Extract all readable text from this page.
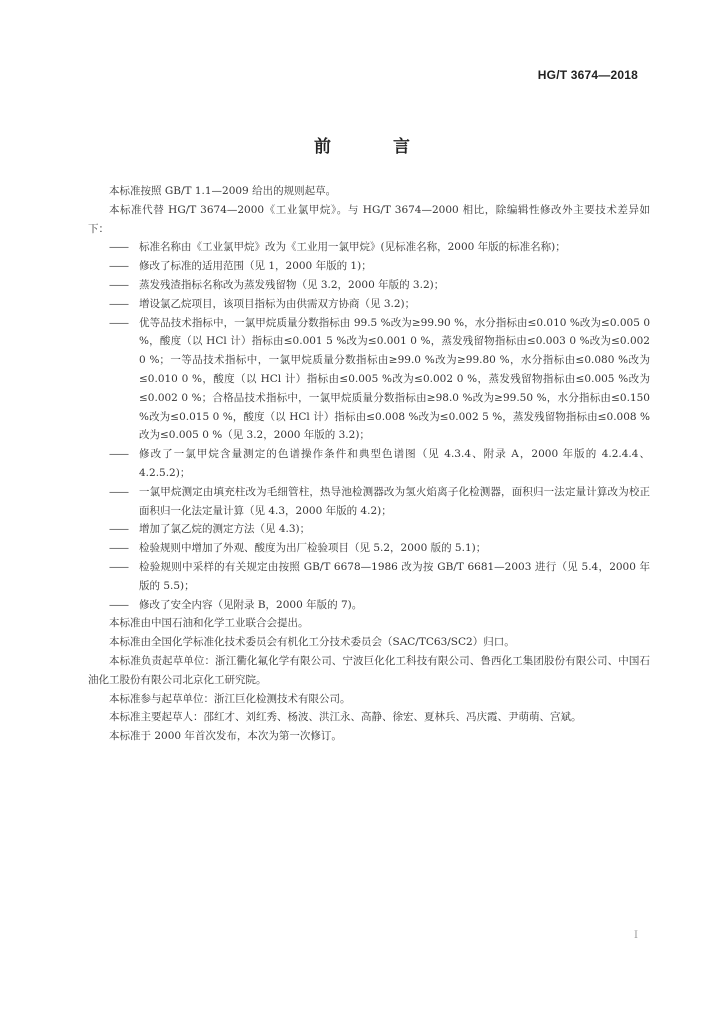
HG/T 3674—2018
前 言

本标准按照 GB/T 1.1—2009 给出的规则起草。

本标准代替 HG/T 3674—2000《工业氯甲烷》。与 HG/T 3674—2000 相比，除编辑性修改外主要技术差异如下：

—— 标准名称由《工业氯甲烷》改为《工业用一氯甲烷》(见标准名称，2000 年版的标准名称)；
—— 修改了标准的适用范围（见 1，2000 年版的 1)；
—— 蒸发残渣指标名称改为蒸发残留物（见 3.2，2000 年版的 3.2)；
—— 增设氯乙烷项目，该项目指标为由供需双方协商（见 3.2)；
—— 优等品技术指标中，一氯甲烷质量分数指标由 99.5 %改为≥99.90 %，水分指标由≤0.010 %改为≤0.005 0 %，酸度（以 HCl 计）指标由≤0.001 5 %改为≤0.001 0 %，蒸发残留物指标由≤0.003 0 %改为≤0.002 0 %；一等品技术指标中，一氯甲烷质量分数指标由≥99.0 %改为≥99.80 %，水分指标由≤0.080 %改为≤0.010 0 %，酸度（以 HCl 计）指标由≤0.005 %改为≤0.002 0 %，蒸发残留物指标由≤0.005 %改为≤0.002 0 %；合格品技术指标中，一氯甲烷质量分数指标由≥98.0 %改为≥99.50 %，水分指标由≤0.150 %改为≤0.015 0 %，酸度（以 HCl 计）指标由≤0.008 %改为≤0.002 5 %，蒸发残留物指标由≤0.008 %改为≤0.005 0 %（见 3.2，2000 年版的 3.2)；
—— 修改了一氯甲烷含量测定的色谱操作条件和典型色谱图（见 4.3.4、附录 A，2000 年版的 4.2.4.4、4.2.5.2)；
—— 一氯甲烷测定由填充柱改为毛细管柱，热导池检测器改为氢火焰离子化检测器，面积归一法定量计算改为校正面积归一化法定量计算（见 4.3，2000 年版的 4.2)；
—— 增加了氯乙烷的测定方法（见 4.3)；
—— 检验规则中增加了外观、酸度为出厂检验项目（见 5.2，2000 版的 5.1)；
—— 检验规则中采样的有关规定由按照 GB/T 6678—1986 改为按 GB/T 6681—2003 进行（见 5.4，2000 年版的 5.5)；
—— 修改了安全内容（见附录 B，2000 年版的 7)。

本标准由中国石油和化学工业联合会提出。

本标准由全国化学标准化技术委员会有机化工分技术委员会（SAC/TC63/SC2）归口。

本标准负责起草单位：浙江衢化氟化学有限公司、宁波巨化化工科技有限公司、鲁西化工集团股份有限公司、中国石油化工股份有限公司北京化工研究院。

本标准参与起草单位：浙江巨化检测技术有限公司。

本标准主要起草人：邵红才、刘红秀、杨波、洪江永、高静、徐宏、夏林兵、冯庆霞、尹萌萌、宫斌。

本标准于 2000 年首次发布，本次为第一次修订。

I
